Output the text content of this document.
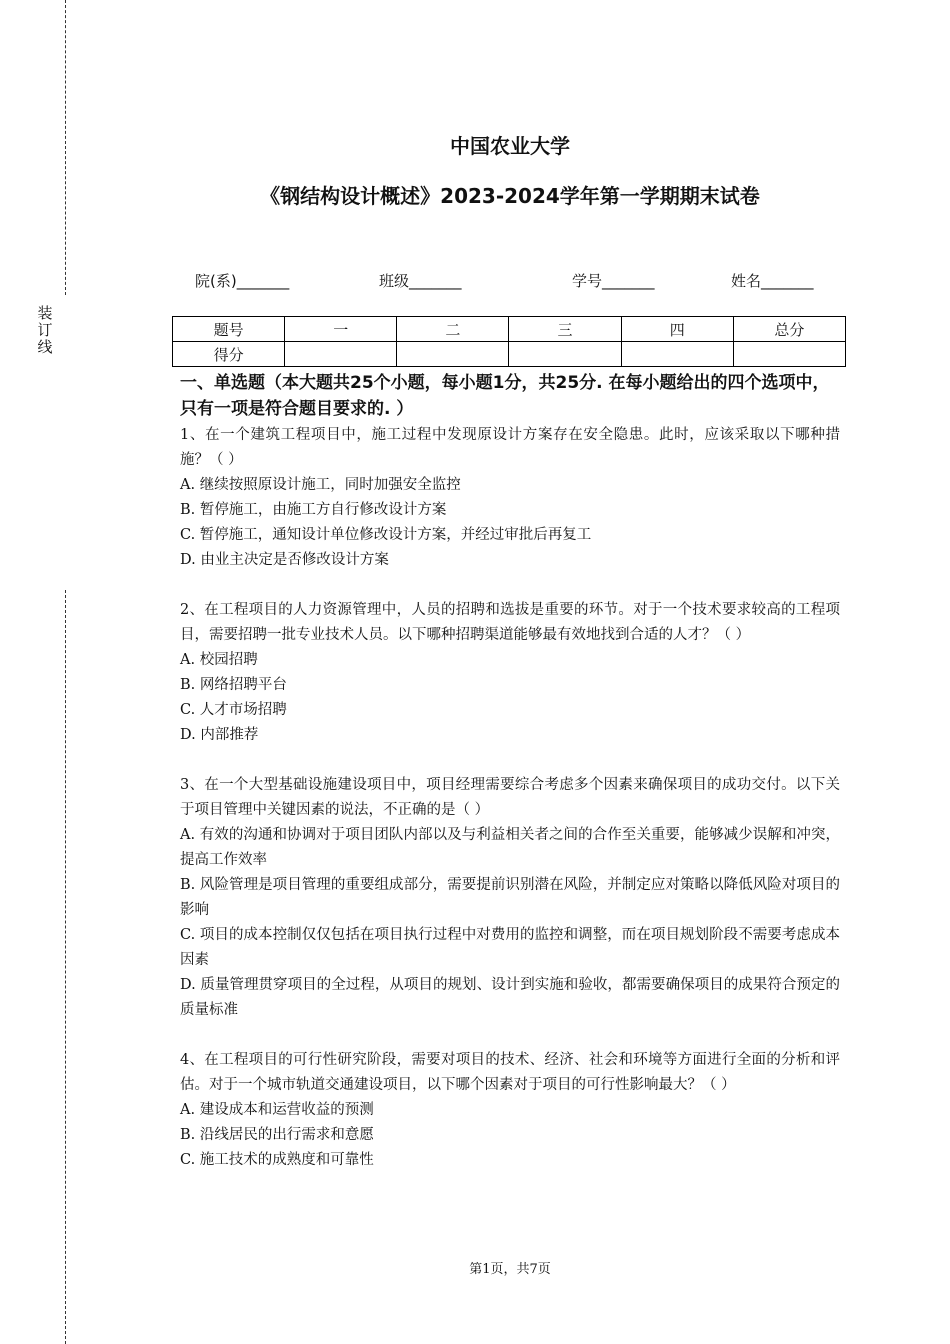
装订线
中国农业大学
《钢结构设计概述》2023-2024学年第一学期期末试卷
院(系)_______	班级_______	学号_______	姓名_______
题号	一	二	三	四	总分
得分					

一、单选题（本大题共25个小题，每小题1分，共25分. 在每小题给出的四个选项中，只有一项是符合题目要求的. ）

1、在一个建筑工程项目中，施工过程中发现原设计方案存在安全隐患。此时，应该采取以下哪种措施？（ ）

A. 继续按照原设计施工，同时加强安全监控

B. 暂停施工，由施工方自行修改设计方案

C. 暂停施工，通知设计单位修改设计方案，并经过审批后再复工

D. 由业主决定是否修改设计方案

2、在工程项目的人力资源管理中，人员的招聘和选拔是重要的环节。对于一个技术要求较高的工程项目，需要招聘一批专业技术人员。以下哪种招聘渠道能够最有效地找到合适的人才？（ ）

A. 校园招聘

B. 网络招聘平台

C. 人才市场招聘

D. 内部推荐

3、在一个大型基础设施建设项目中，项目经理需要综合考虑多个因素来确保项目的成功交付。以下关于项目管理中关键因素的说法，不正确的是（ ）

A. 有效的沟通和协调对于项目团队内部以及与利益相关者之间的合作至关重要，能够减少误解和冲突，提高工作效率

B. 风险管理是项目管理的重要组成部分，需要提前识别潜在风险，并制定应对策略以降低风险对项目的影响

C. 项目的成本控制仅仅包括在项目执行过程中对费用的监控和调整，而在项目规划阶段不需要考虑成本因素

D. 质量管理贯穿项目的全过程，从项目的规划、设计到实施和验收，都需要确保项目的成果符合预定的质量标准

4、在工程项目的可行性研究阶段，需要对项目的技术、经济、社会和环境等方面进行全面的分析和评估。对于一个城市轨道交通建设项目，以下哪个因素对于项目的可行性影响最大？（ ）

A. 建设成本和运营收益的预测

B. 沿线居民的出行需求和意愿

C. 施工技术的成熟度和可靠性

第1页，共7页
